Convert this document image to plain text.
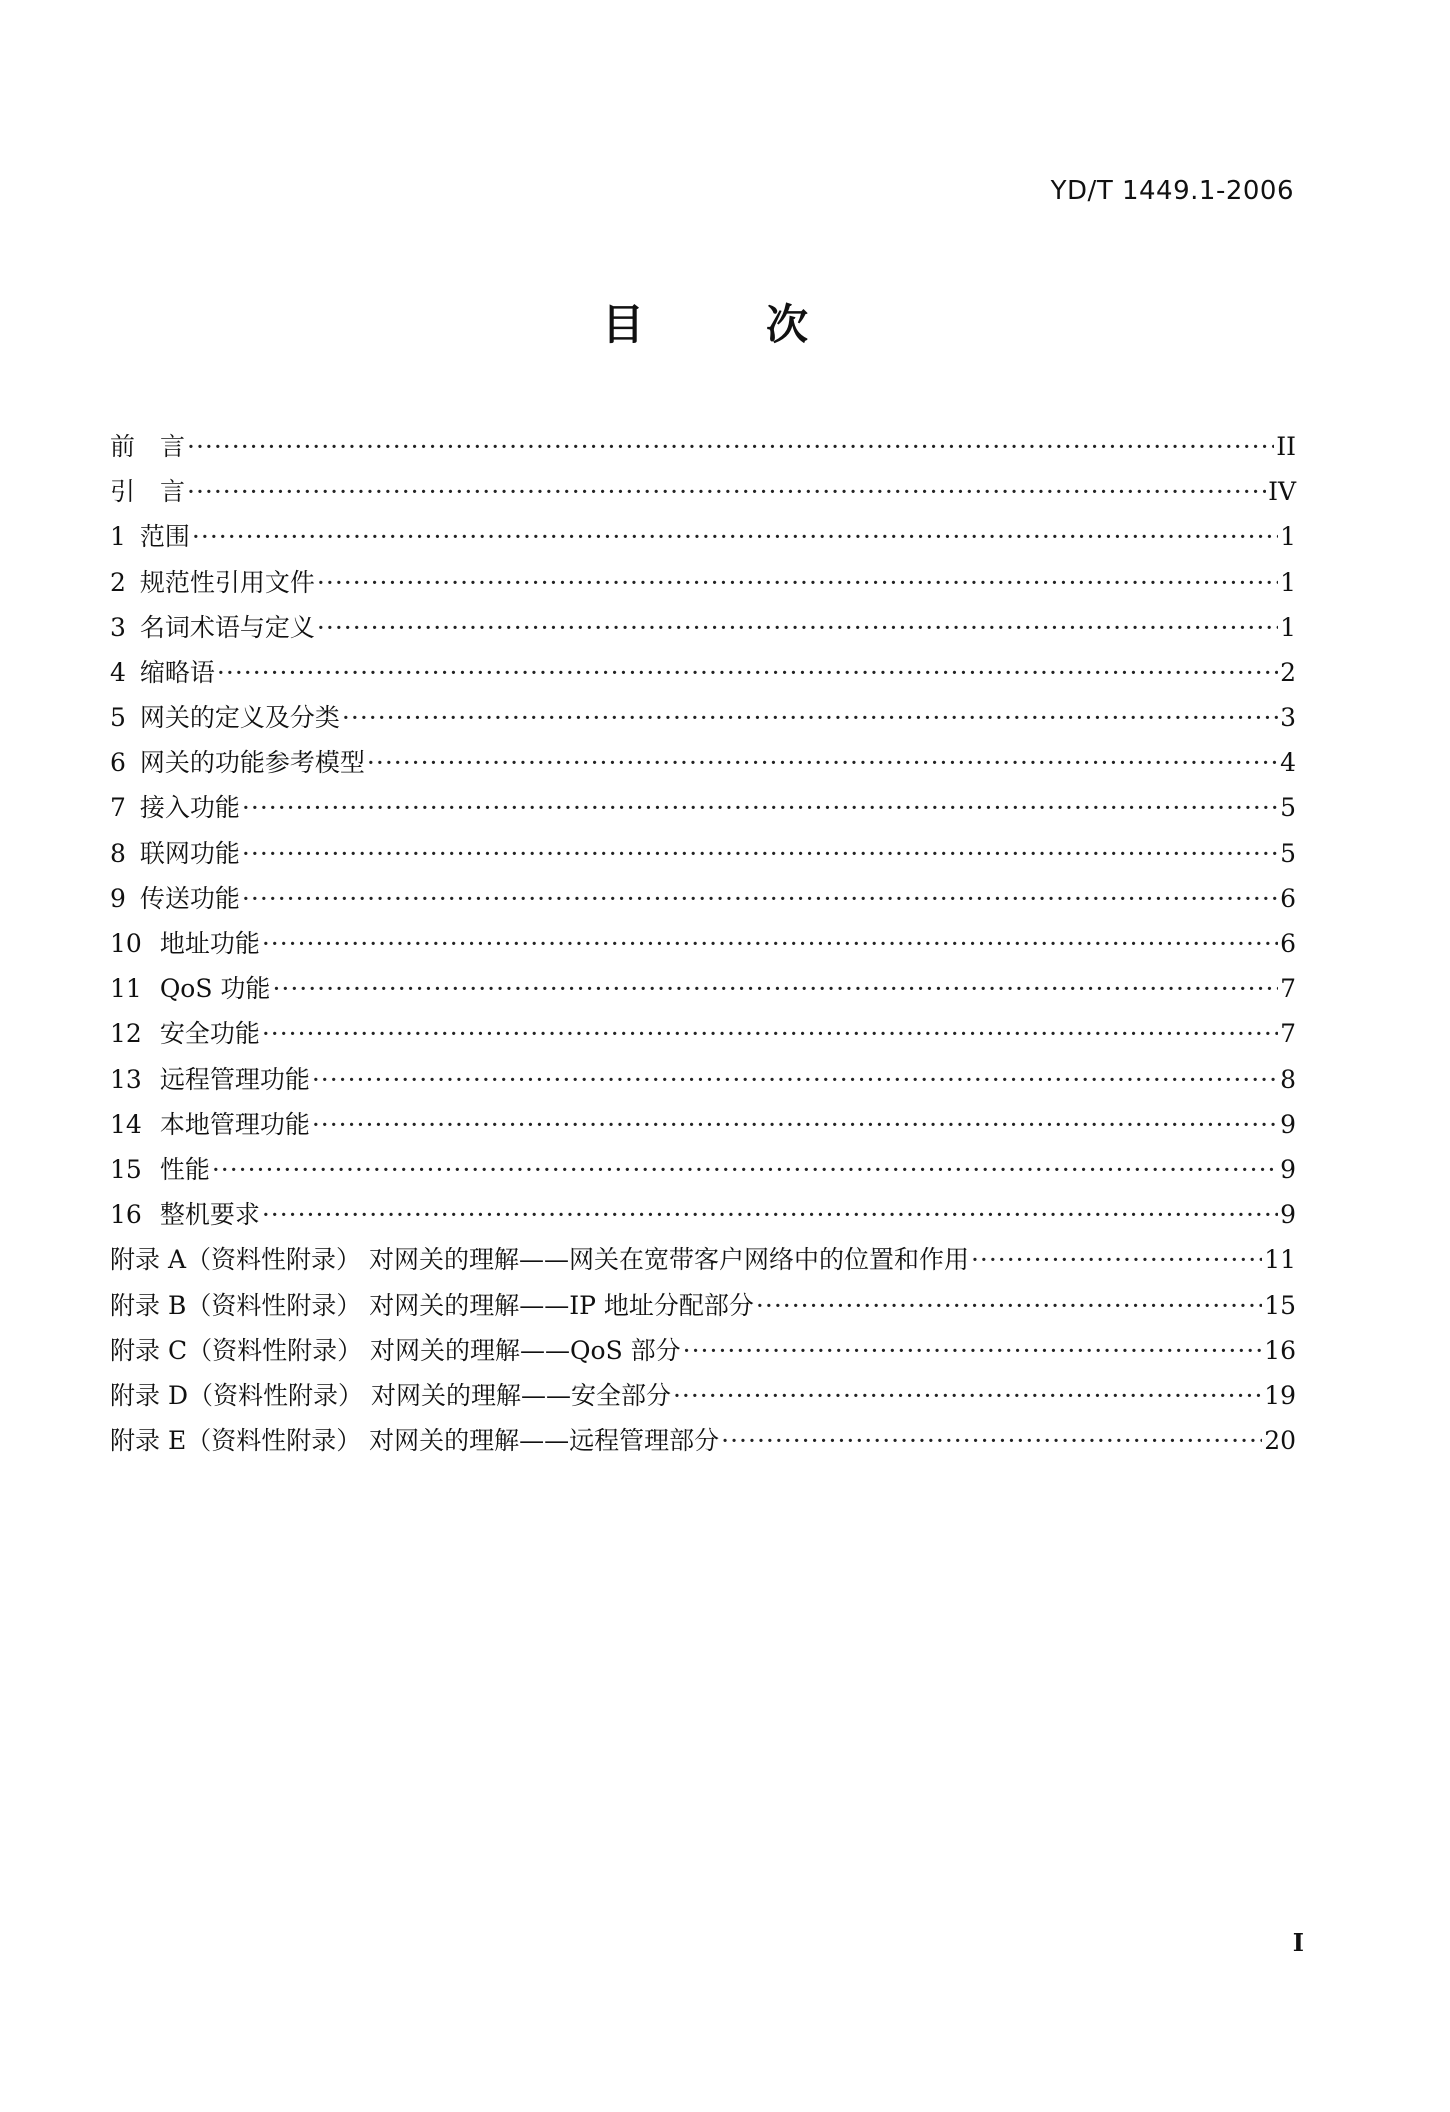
YD/T 1449.1-2006
目　次
前　言 ·····	II
引　言 ·····	IV
1 范围 ·····	1
2 规范性引用文件 ·····	1
3 名词术语与定义 ·····	1
4 缩略语 ·····	2
5 网关的定义及分类 ·····	3
6 网关的功能参考模型 ·····	4
7 接入功能 ·····	5
8 联网功能 ·····	5
9 传送功能 ·····	6
10 地址功能 ·····	6
11 QoS 功能 ·····	7
12 安全功能 ·····	7
13 远程管理功能 ·····	8
14 本地管理功能 ·····	9
15 性能 ·····	9
16 整机要求 ·····	9
附录 A（资料性附录） 对网关的理解——网关在宽带客户网络中的位置和作用 ·····	11
附录 B（资料性附录） 对网关的理解——IP 地址分配部分 ·····	15
附录 C（资料性附录） 对网关的理解——QoS 部分 ·····	16
附录 D（资料性附录） 对网关的理解——安全部分 ·····	19
附录 E（资料性附录） 对网关的理解——远程管理部分 ·····	20
I
